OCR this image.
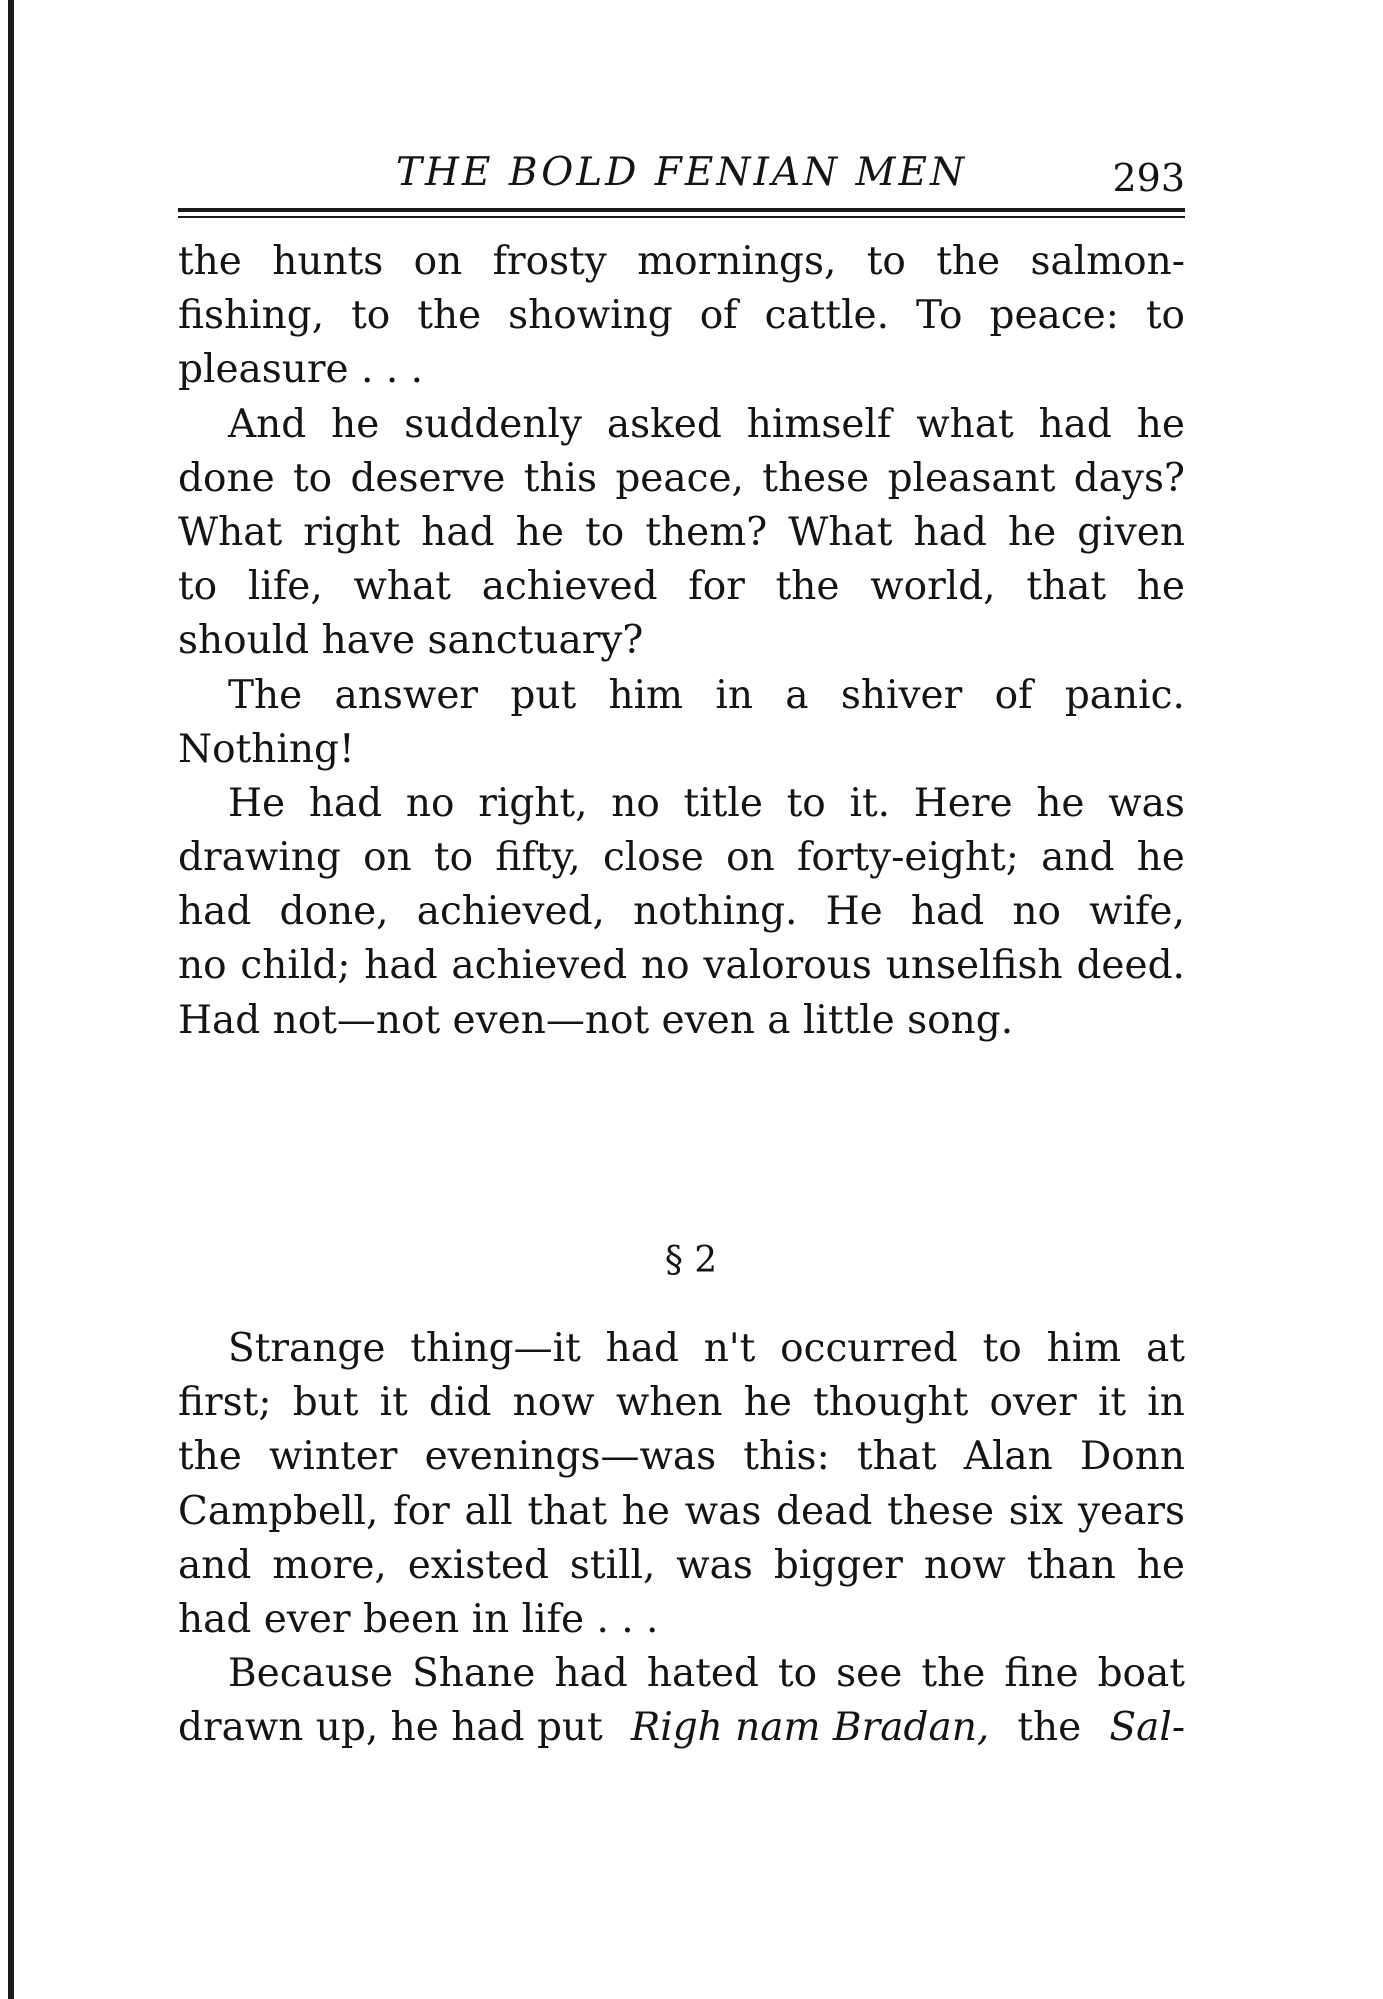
THE BOLD FENIAN MEN	293
the hunts on frosty mornings, to the salmon-
fishing, to the showing of cattle. To peace: to
pleasure . . .
And he suddenly asked himself what had he
done to deserve this peace, these pleasant days?
What right had he to them? What had he given
to life, what achieved for the world, that he
should have sanctuary?
The answer put him in a shiver of panic.
Nothing!
He had no right, no title to it. Here he was
drawing on to fifty, close on forty-eight; and he
had done, achieved, nothing. He had no wife,
no child; had achieved no valorous unselfish deed.
Had not—not even—not even a little song.
§ 2
Strange thing—it had n't occurred to him at
first; but it did now when he thought over it in
the winter evenings—was this: that Alan Donn
Campbell, for all that he was dead these six years
and more, existed still, was bigger now than he
had ever been in life . . .
Because Shane had hated to see the fine boat
drawn up, he had put Righ nam Bradan, the Sal-
